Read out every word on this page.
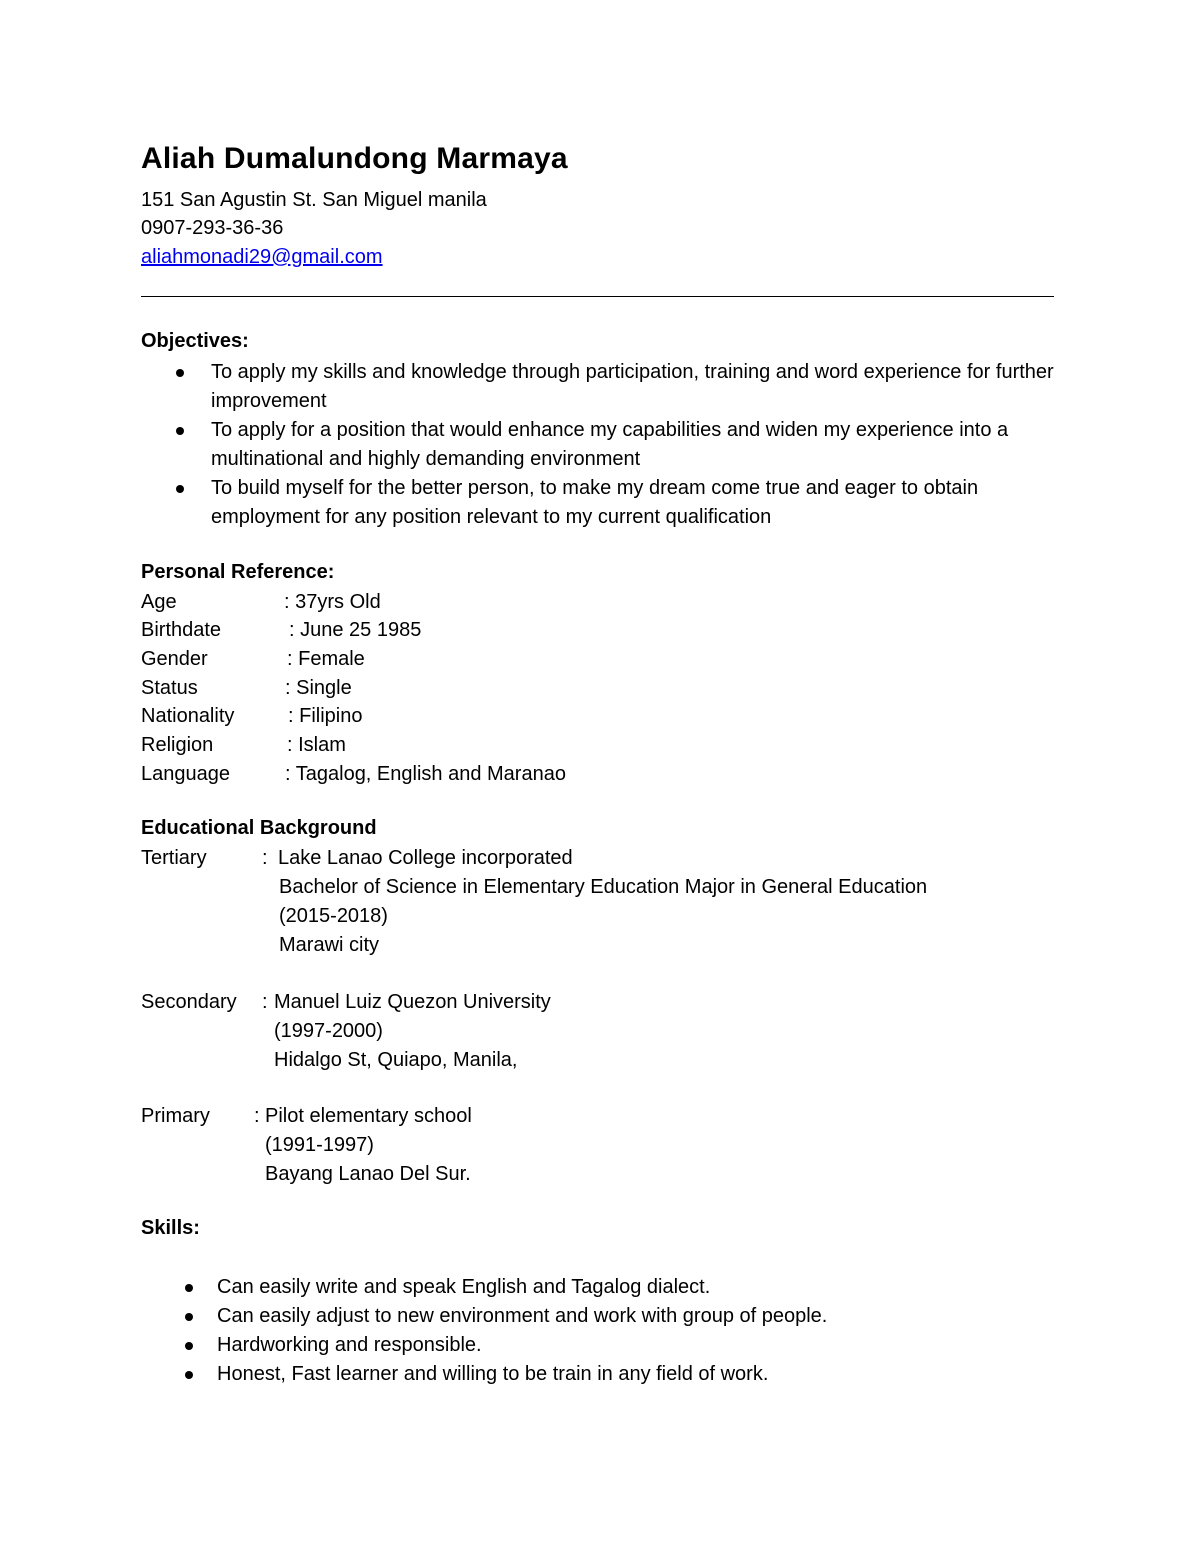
Aliah Dumalundong Marmaya
151 San Agustin St. San Miguel manila
0907-293-36-36
aliahmonadi29@gmail.com
Objectives:
To apply my skills and knowledge through participation, training and word experience for further improvement
To apply for a position that would enhance my capabilities and widen my experience into a multinational and highly demanding environment
To build myself for the better person, to make my dream come true and eager to obtain employment for any position relevant to my current qualification
Personal Reference:
Age	: 37yrs Old
Birthdate	: June 25 1985
Gender	: Female
Status	: Single
Nationality	: Filipino
Religion	: Islam
Language	: Tagalog, English and Maranao
Educational Background
Tertiary	: Lake Lanao College incorporated
Bachelor of Science in Elementary Education Major in General Education
(2015-2018)
Marawi city
Secondary : Manuel Luiz Quezon University
(1997-2000)
Hidalgo St, Quiapo, Manila,
Primary : Pilot elementary school
(1991-1997)
Bayang Lanao Del Sur.
Skills:
Can easily write and speak English and Tagalog dialect.
Can easily adjust to new environment and work with group of people.
Hardworking and responsible.
Honest, Fast learner and willing to be train in any field of work.
